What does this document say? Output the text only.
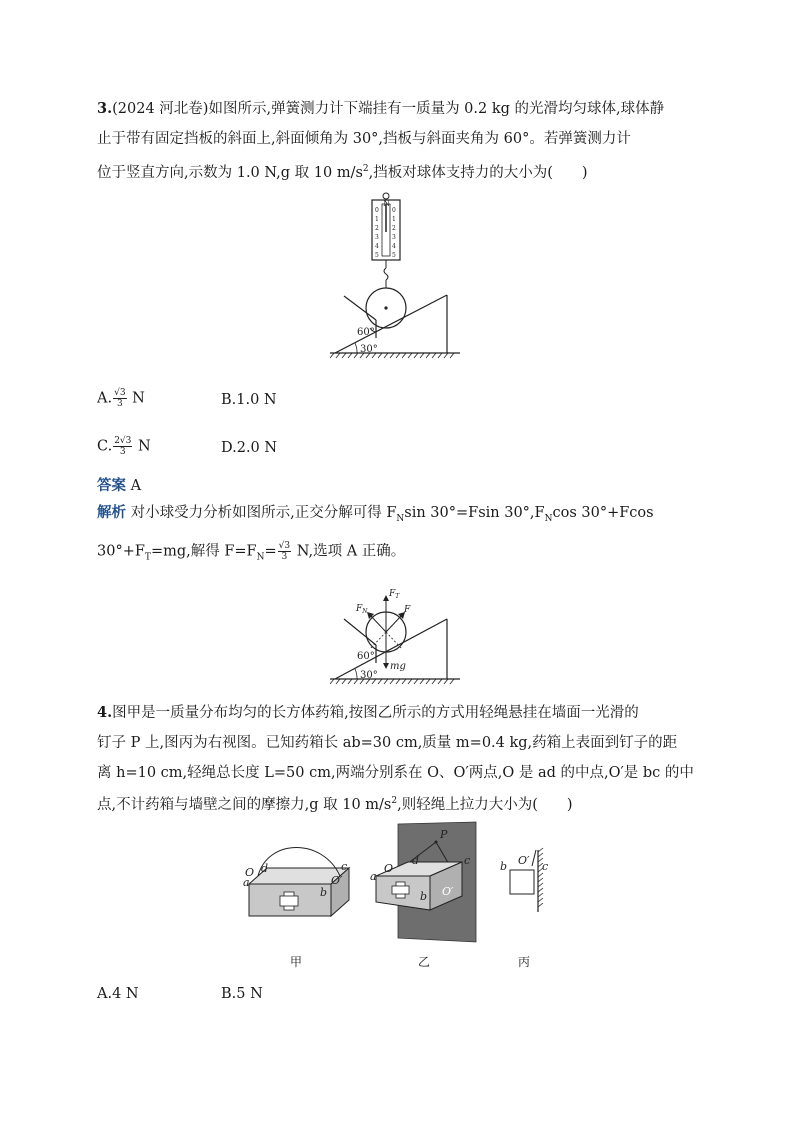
3.(2024 河北卷)如图所示,弹簧测力计下端挂有一质量为 0.2 kg 的光滑均匀球体,球体静
止于带有固定挡板的斜面上,斜面倾角为 30°,挡板与斜面夹角为 60°。若弹簧测力计
位于竖直方向,示数为 1.0 N,g 取 10 $m/s^2$,挡板对球体支持力的大小为(　　)
0
1
2
3
4
5
0
1
2
3
4
5
N
30°
60°
A. $\frac{√3}{3}$ N	B.1.0 N
C. $\frac{2√3}{3}$ N	D.2.0 N
答案 A
解析 对小球受力分析如图所示,正交分解可得 $F_N\sin$ 30°=Fsin $30^\circ,F_N\cos$ 30°+Fcos
$30^\circ+F_T=mg$,解得 $F=F_N= \frac{√3}{3} N$,选项 A 正确。
$F_N$
$F_T$
F
mg
30°
60°
4.图甲是一质量分布均匀的长方体药箱,按图乙所示的方式用轻绳悬挂在墙面一光滑的
钉子 P 上,图丙为右视图。已知药箱长 ab=30 cm,质量 m=0.4 kg,药箱上表面到钉子的距
离 h=10 cm,轻绳总长度 L=50 cm,两端分别系在 O、O′两点,O 是 ad 的中点,O′是 bc 的中
点,不计药箱与墙壁之间的摩擦力,g 取 10 $m/s^2$,则轻绳上拉力大小为(　　)
a
d
O
b
O′
c
P
a
O
d
b O′
c	O′
b	c
甲	乙	丙
A.4 N	B.5 N
